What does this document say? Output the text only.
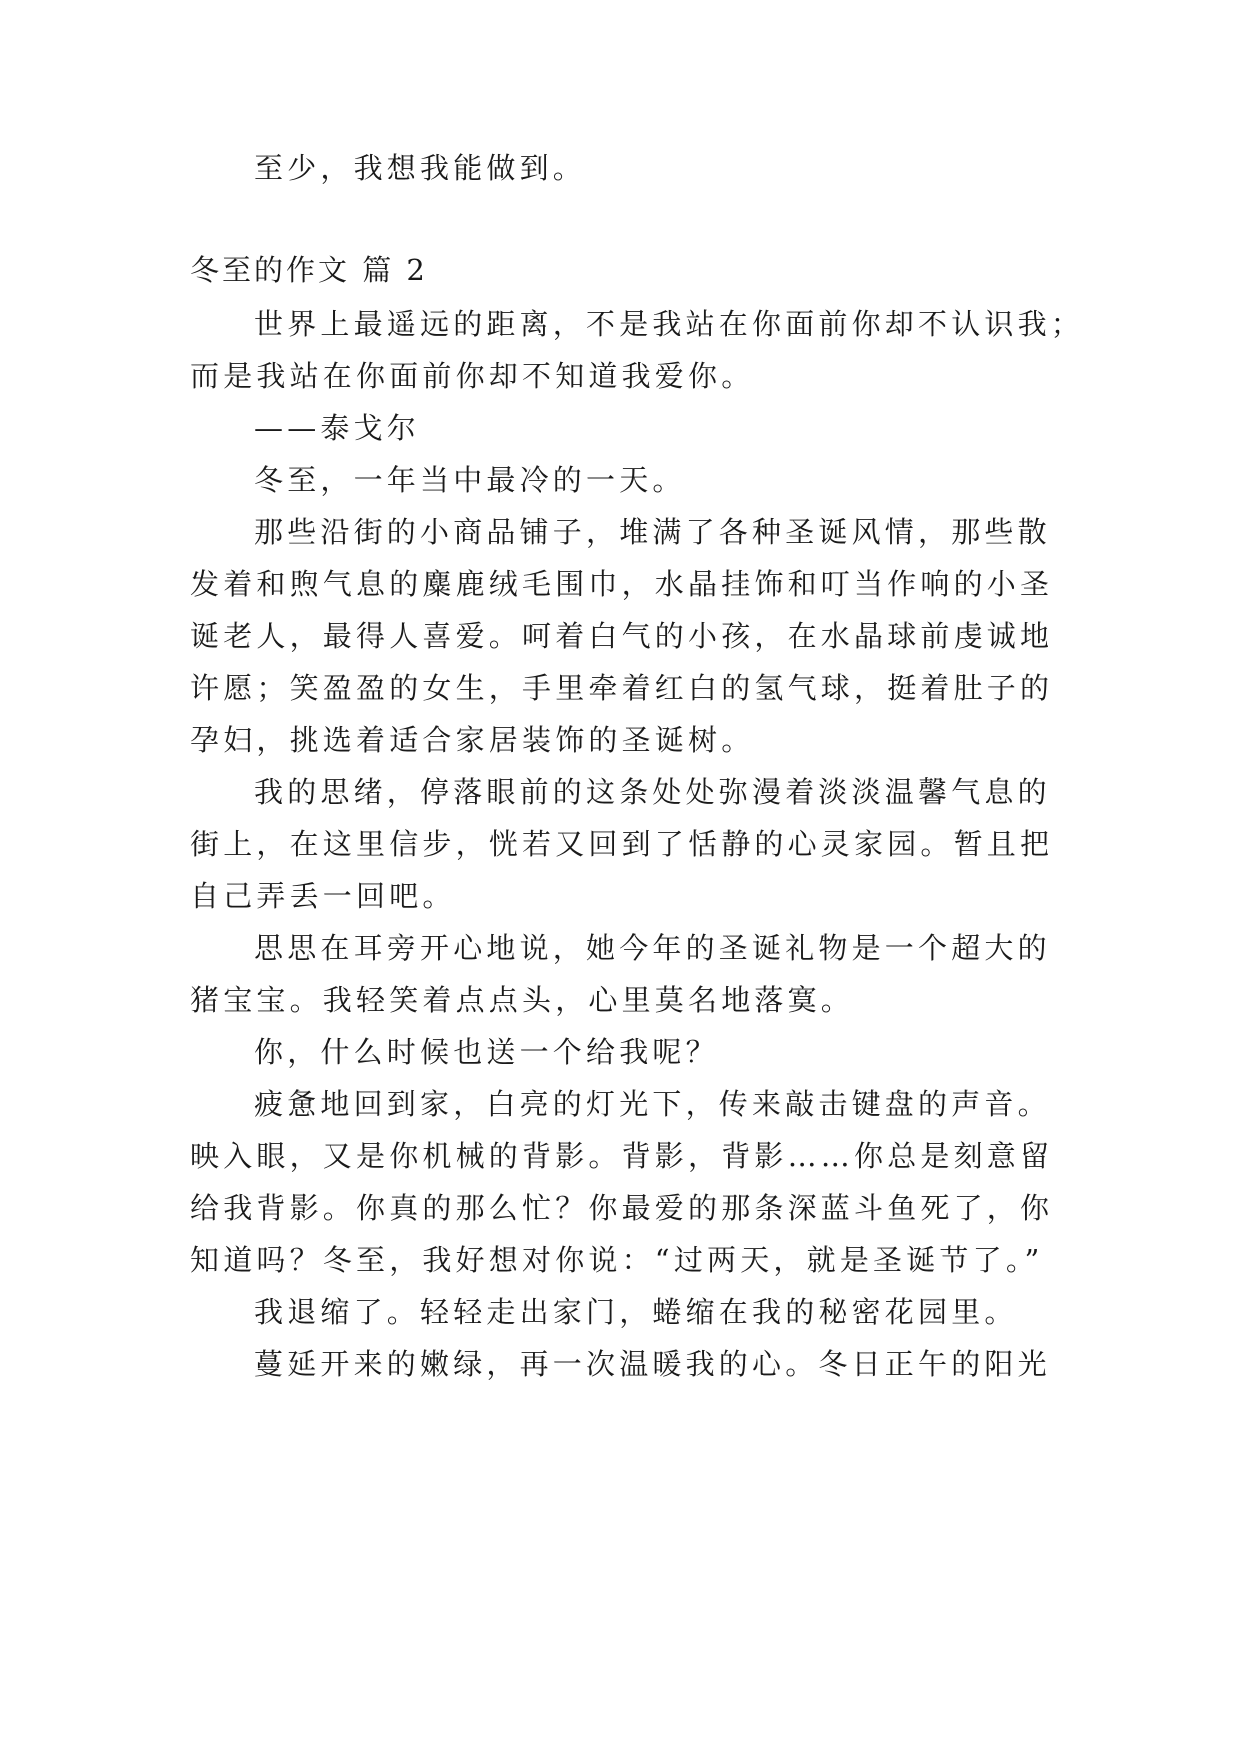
至少，我想我能做到。
冬至的作文 篇 2
世界上最遥远的距离，不是我站在你面前你却不认识我；
而是我站在你面前你却不知道我爱你。
——泰戈尔
冬至，一年当中最冷的一天。
那些沿街的小商品铺子，堆满了各种圣诞风情，那些散
发着和煦气息的麋鹿绒毛围巾，水晶挂饰和叮当作响的小圣
诞老人，最得人喜爱。呵着白气的小孩，在水晶球前虔诚地
许愿；笑盈盈的女生，手里牵着红白的氢气球，挺着肚子的
孕妇，挑选着适合家居装饰的圣诞树。
我的思绪，停落眼前的这条处处弥漫着淡淡温馨气息的
街上，在这里信步，恍若又回到了恬静的心灵家园。暂且把
自己弄丢一回吧。
思思在耳旁开心地说，她今年的圣诞礼物是一个超大的
猪宝宝。我轻笑着点点头，心里莫名地落寞。
你，什么时候也送一个给我呢？
疲惫地回到家，白亮的灯光下，传来敲击键盘的声音。
映入眼，又是你机械的背影。背影，背影……你总是刻意留
给我背影。你真的那么忙？你最爱的那条深蓝斗鱼死了，你
知道吗？冬至，我好想对你说：“过两天，就是圣诞节了。”
我退缩了。轻轻走出家门，蜷缩在我的秘密花园里。
蔓延开来的嫩绿，再一次温暖我的心。冬日正午的阳光
